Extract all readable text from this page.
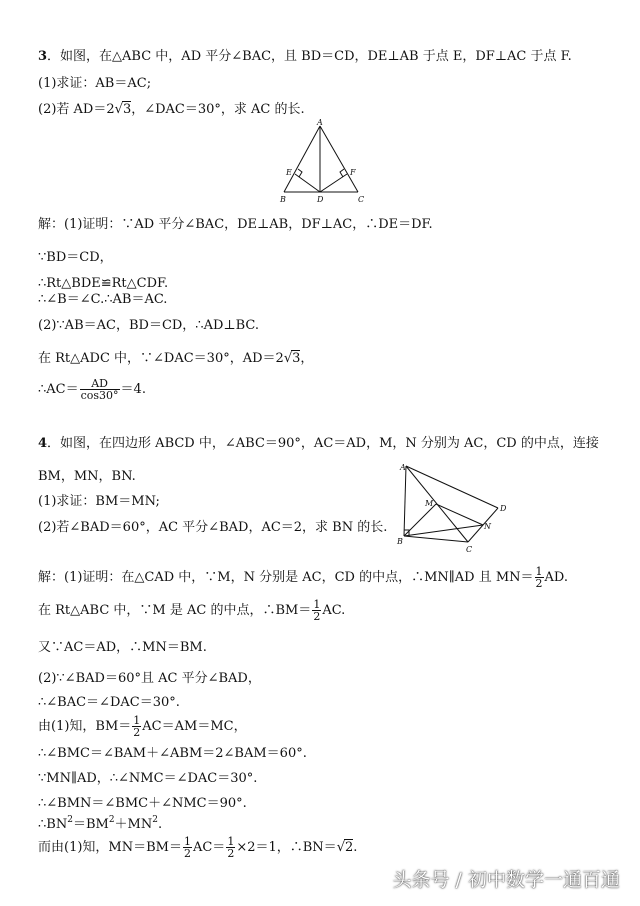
3．如图，在△ABC 中，AD 平分∠BAC，且 BD＝CD，DE⊥AB 于点 E，DF⊥AC 于点 F.
(1)求证：AB＝AC;
(2)若 AD＝2√3，∠DAC＝30°，求 AC 的长.
A
B	C
D
E	F
解：(1)证明：∵AD 平分∠BAC，DE⊥AB，DF⊥AC，∴DE＝DF.
∵BD＝CD，
∴Rt△BDE≌Rt△CDF.
∴∠B＝∠C.∴AB＝AC.
(2)∵AB＝AC，BD＝CD，∴AD⊥BC.
在 Rt△ADC 中，∵∠DAC＝30°，AD＝2√3，
∴AC＝ $\frac{AD}{\cos 30^\circ} =4$.
4．如图，在四边形 ABCD 中，∠ABC＝90°，AC＝AD，M，N 分别为 AC，CD 的中点，连接
BM，MN，BN.
(1)求证：BM＝MN;
(2)若∠BAD＝60°，AC 平分∠BAD，AC＝2，求 BN 的长.
A
B
C
D
M
N
解：(1)证明：在△CAD 中，∵M，N 分别是 AC，CD 的中点，∴MN∥AD 且 $MN= \frac{1}{2}$ AD.
在 Rt△ABC 中，∵M 是 AC 的中点，∴BM＝ $\frac{1}{2}$ AC.
又∵AC＝AD，∴MN＝BM.
(2)∵∠BAD＝60°且 AC 平分∠BAD，
∴∠BAC＝∠DAC＝30°.
由(1)知，$BM= \frac{1}{2} AC=AM=MC$，
∴∠BMC＝∠BAM＋∠ABM＝2∠BAM＝60°.
∵MN∥AD，∴∠NMC＝∠DAC＝30°.
∴∠BMN＝∠BMC＋∠NMC＝90°.
$\therefore BN^2=BM^2+MN^2$.
而由(1)知，$MN=BM= \frac{1}{2} AC= \frac{1}{2} \times 2=1$，∴BN＝√2.
头条号 / 初中数学一通百通
